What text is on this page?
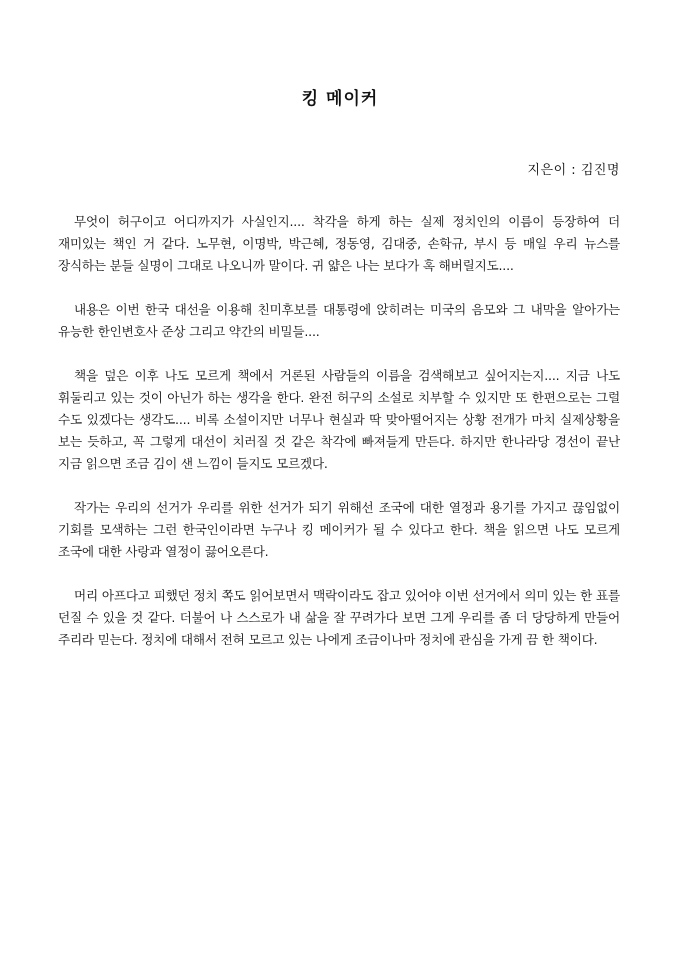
킹 메이커
지은이 : 김진명

무엇이 허구이고 어디까지가 사실인지.... 착각을 하게 하는 실제 정치인의 이름이 등장하여 더 재미있는 책인 거 같다. 노무현, 이명박, 박근혜, 정동영, 김대중, 손학규, 부시 등 매일 우리 뉴스를 장식하는 분들 실명이 그대로 나오니까 말이다. 귀 얇은 나는 보다가 혹 해버릴지도....

내용은 이번 한국 대선을 이용해 친미후보를 대통령에 앉히려는 미국의 음모와 그 내막을 알아가는 유능한 한인변호사 준상 그리고 약간의 비밀들....

책을 덮은 이후 나도 모르게 책에서 거론된 사람들의 이름을 검색해보고 싶어지는지.... 지금 나도 휘둘리고 있는 것이 아닌가 하는 생각을 한다. 완전 허구의 소설로 치부할 수 있지만 또 한편으로는 그럴 수도 있겠다는 생각도.... 비록 소설이지만 너무나 현실과 딱 맞아떨어지는 상황 전개가 마치 실제상황을 보는 듯하고, 꼭 그렇게 대선이 치러질 것 같은 착각에 빠져들게 만든다. 하지만 한나라당 경선이 끝난 지금 읽으면 조금 김이 샌 느낌이 들지도 모르겠다.

작가는 우리의 선거가 우리를 위한 선거가 되기 위해선 조국에 대한 열정과 용기를 가지고 끊임없이 기회를 모색하는 그런 한국인이라면 누구나 킹 메이커가 될 수 있다고 한다. 책을 읽으면 나도 모르게 조국에 대한 사랑과 열정이 끓어오른다.

머리 아프다고 피했던 정치 쪽도 읽어보면서 맥락이라도 잡고 있어야 이번 선거에서 의미 있는 한 표를 던질 수 있을 것 같다. 더불어 나 스스로가 내 삶을 잘 꾸려가다 보면 그게 우리를 좀 더 당당하게 만들어 주리라 믿는다. 정치에 대해서 전혀 모르고 있는 나에게 조금이나마 정치에 관심을 가게 끔 한 책이다.
